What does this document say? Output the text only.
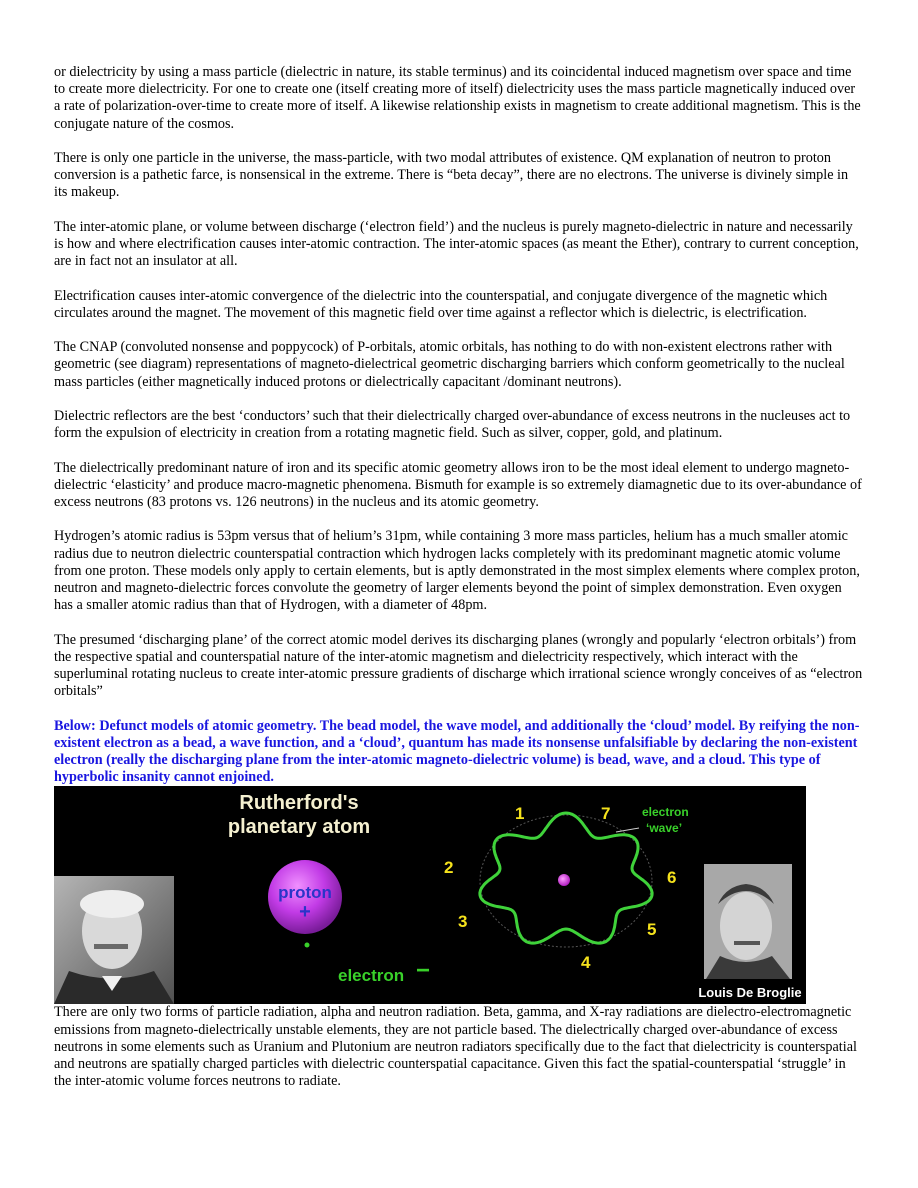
or dielectricity by using a mass particle (dielectric in nature, its stable terminus) and its coincidental induced magnetism over space and time to create more dielectricity. For one to create one (itself creating more of itself) dielectricity uses the mass particle magnetically induced over a rate of polarization-over-time to create more of itself. A likewise relationship exists in magnetism to create additional magnetism. This is the conjugate nature of the cosmos.

There is only one particle in the universe, the mass-particle, with two modal attributes of existence. QM explanation of neutron to proton conversion is a pathetic farce, is nonsensical in the extreme. There is “beta decay”, there are no electrons. The universe is divinely simple in its makeup.

The inter-atomic plane, or volume between discharge (‘electron field’) and the nucleus is purely magneto-dielectric in nature and necessarily is how and where electrification causes inter-atomic contraction. The inter-atomic spaces (as meant the Ether), contrary to current conception, are in fact not an insulator at all.

Electrification causes inter-atomic convergence of the dielectric into the counterspatial, and conjugate divergence of the magnetic which circulates around the magnet. The movement of this magnetic field over time against a reflector which is dielectric, is electrification.

The CNAP (convoluted nonsense and poppycock) of P-orbitals, atomic orbitals, has nothing to do with non-existent electrons rather with geometric (see diagram) representations of magneto-dielectrical geometric discharging barriers which conform geometrically to the nucleal mass particles (either magnetically induced protons or dielectrically capacitant /dominant neutrons).

Dielectric reflectors are the best ‘conductors’ such that their dielectrically charged over-abundance of excess neutrons in the nucleuses act to form the expulsion of electricity in creation from a rotating magnetic field. Such as silver, copper, gold, and platinum.

The dielectrically predominant nature of iron and its specific atomic geometry allows iron to be the most ideal element to undergo magneto-dielectric ‘elasticity’ and produce macro-magnetic phenomena. Bismuth for example is so extremely diamagnetic due to its over-abundance of excess neutrons (83 protons vs. 126 neutrons) in the nucleus and its atomic geometry.

Hydrogen’s atomic radius is 53pm versus that of helium’s 31pm, while containing 3 more mass particles, helium has a much smaller atomic radius due to neutron dielectric counterspatial contraction which hydrogen lacks completely with its predominant magnetic atomic volume from one proton. These models only apply to certain elements, but is aptly demonstrated in the most simplex elements where complex proton, neutron and magneto-dielectric forces convolute the geometry of larger elements beyond the point of simplex demonstration. Even oxygen has a smaller atomic radius than that of Hydrogen, with a diameter of 48pm.

The presumed ‘discharging plane’ of the correct atomic model derives its discharging planes (wrongly and popularly ‘electron orbitals’) from the respective spatial and counterspatial nature of the inter-atomic magnetism and dielectricity respectively, which interact with the superluminal rotating nucleus to create inter-atomic pressure gradients of discharge which irrational science wrongly conceives of as “electron orbitals”

Below: Defunct models of atomic geometry. The bead model, the wave model, and additionally the ‘cloud’ model. By reifying the non-existent electron as a bead, a wave function, and a ‘cloud’, quantum has made its nonsense unfalsifiable by declaring the non-existent electron (really the discharging plane from the inter-atomic magneto-dielectric volume) is bead, wave, and a cloud. This type of hyperbolic insanity cannot enjoined.

Rutherford's
planetary atom
proton
+
electron −
1
2
3
4
5
6
7	electron
‘wave’
Louis De Broglie

There are only two forms of particle radiation, alpha and neutron radiation. Beta, gamma, and X-ray radiations are dielectro-electromagnetic emissions from magneto-dielectrically unstable elements, they are not particle based. The dielectrically charged over-abundance of excess neutrons in some elements such as Uranium and Plutonium are neutron radiators specifically due to the fact that dielectricity is counterspatial and neutrons are spatially charged particles with dielectric counterspatial capacitance. Given this fact the spatial-counterspatial ‘struggle’ in the inter-atomic volume forces neutrons to radiate.
